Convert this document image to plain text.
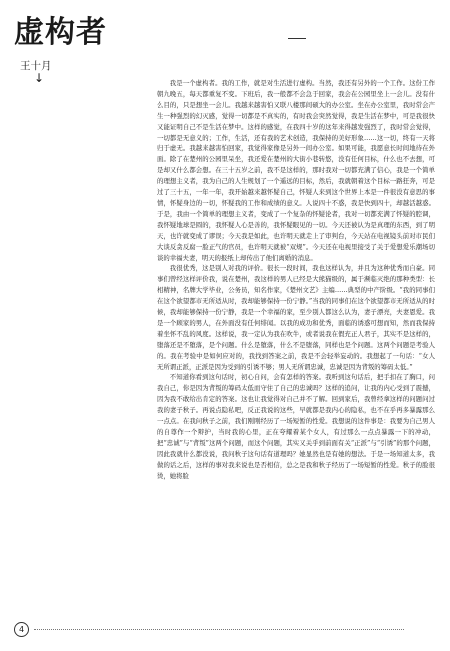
虚构者
王十月
↓	我是一个虚构者。我的工作，就是对生活进行虚构。当然，我还有另外的一个工作。这份工作朝九晚五，每天都重复不变。下班后，我一般都不会急于回家，我会在公园里坐上一会儿。没有什么目的，只是想坐一会儿。我越来越害怕又联八楼那间硕大的办公室。坐在办公室里，我时常会产生一种强烈的幻灭感，觉得一切都是不真实的，有时我会突然觉得，我是生活在梦中，可是我很快又能证明自己不是生活在梦中。这样的感觉，在我四十岁的这年来得越发强烈了，我时常会觉得，一切都是无意义的；工作，生活，还有我的艺术创造，我保持的美好形象……这一切，终有一天将归于虚无。我越来越害怕回家，我觉得家像是另外一间办公室。如果可能，我愿意长时间地待在外面。除了在楚州的公园里呆坐，我还爱在楚州的大街小巷转悠，没有任何目标，什么也不去想，可是却又什么都会想。在三十五岁之前，我不是这样的，那时我对一切都充满了信心，我是一个简单的理想主义者，我为自己的人生规划了一个遥远的目标，然后，我就朝着这个目标一路狂奔，可是过了三十五，一年一年，我开始越来越怀疑自己，怀疑人来到这个世界上本是一件很没有意思的事情，怀疑身边的一切，怀疑我的工作和成绩的意义。人说四十不惑，我是快到四十，却越活越惑。于是，我由一个简单的理想主义者，变成了一个复杂的怀疑论者，我对一切都充满了怀疑的腔调，我怀疑地球是圆的，我怀疑人心是善的，我怀疑眼见的一切。今天还被认为是真理的东西，到了明天，也许就变成了谬误；今天我是如此，也许明天就走上了审判台，今天站在电视镜头前对市民们大谈反贪反腐一脸正气的官员，也许明天就被“双规”。今天还在电视里接受了关于爱想爱乐潮场切谈的幸福夫妻，明天的报纸上却传出了他们离婚的消息。

我很优秀，这是别人对我的评价。很长一段时间，我也这样认为，并且为这种优秀而自豪。同事们曾经这样评价我，说在楚州，我这样的男人已经是大熊猫级的，属于濒临灭绝的那种类型：长相精神，名牌大学毕业，公务员，知名作家，《楚州文艺》主编……典型的中产阶级。“我的同事们在这个欲望都市无所适从时，我却能够保持一份宁静。”当我的同事们在这个欲望都市无所适从的时候，我却能够保持一份宁静，我是一个幸福的家，至少别人都这么认为，妻子漂亮，夫妻恩爱。我是一个顾家的男人，在外面没有任何绯闻。以我的成功和优秀，面临的诱惑可想而知，然而我保持着坐怀不乱的风度。这样说，我一定认为我在吹牛，或者说我在假充正人君子，其实不是这样的，堕落还是不堕落，是个问题。什么是堕落，什么不是堕落，同样也是个问题。这两个问题是考验人的。我在考验中是如何应对的，我找到答案之前，我是不会轻举妄动的。我想起了一句话：“女人无所谓正派，正派是因为受到的引诱不够；男人无所谓忠诚，忠诚是因为背叛的筹码太低。”

不知道你看到这句话时，初心自问，会有怎样的答案。我听到这句话后，把手扣在了胸口，问我自己，你是因为背叛的筹码太低而守住了自己的忠诚吗？这样的追问，让我的内心受到了震撼，因为我不敢给出肯定的答案。这也让我觉得对自己并不了解。回到家后，我曾经拿这样的问题问过我的妻子秋子。再说点隐私吧，反正我说的这些，早就都是我内心的隐私，也不在乎再多暴露那么一点点。在我问秋子之前，我们刚刚经历了一场短暂的性爱。我想说的这件事是：我要为自己男人的自尊作一个辩护，当时我的心里，正在夸耀着某个女人，有过那么一点点暴露一下的冲动，把“忠诚”与“背叛”这两个问题，而这个问题，其实又关乎到前面有关“正派”与“引诱”的那个问题，因此我就什么都没说，我问秋子这句话有道理吗？她显然也是有她的想法。于是一场知道太多，我做的话之后，这样的事对我来说也是否相信，总之是我和秋子经历了一场短暂的性爱。秋子的脸很烫，她将脸

4
